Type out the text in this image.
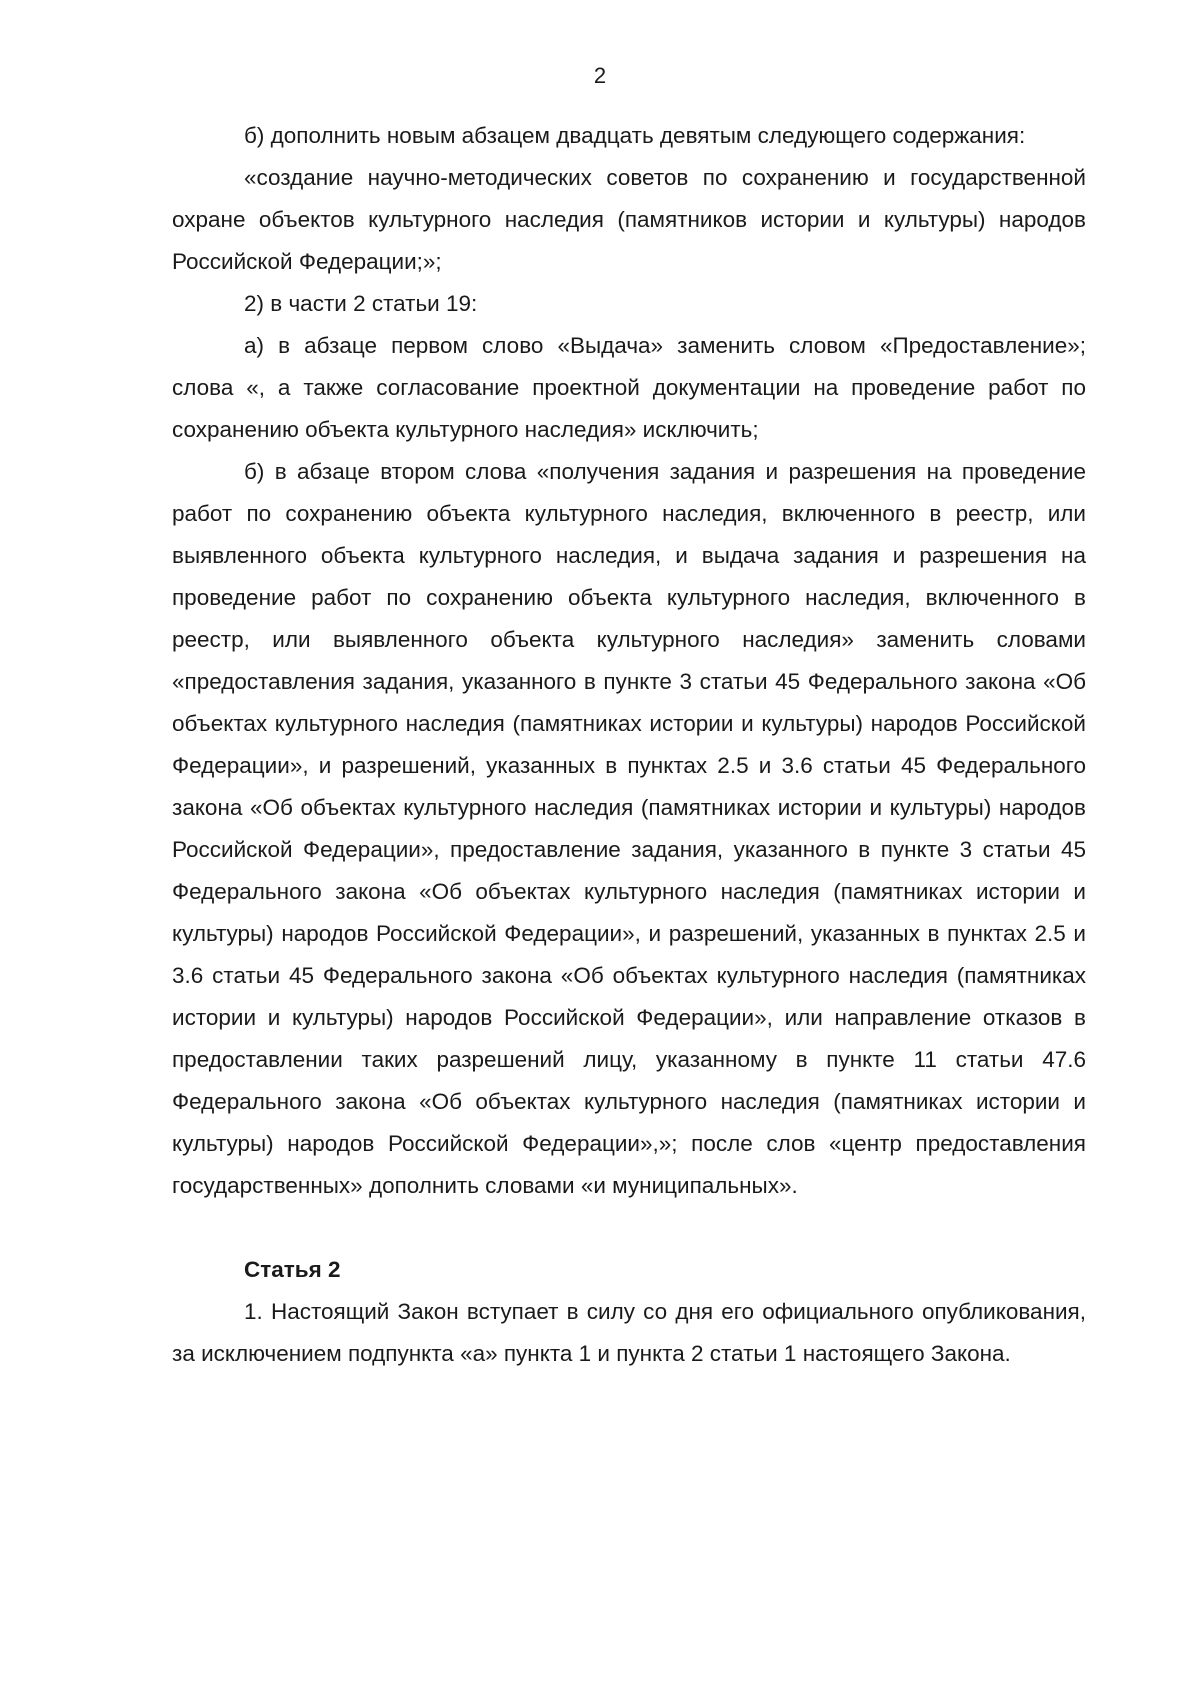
2

б) дополнить новым абзацем двадцать девятым следующего содержания:

«создание научно-методических советов по сохранению и государственной охране объектов культурного наследия (памятников истории и культуры) народов Российской Федерации;»;

2) в части 2 статьи 19:

а) в абзаце первом слово «Выдача» заменить словом «Предоставление»; слова «, а также согласование проектной документации на проведение работ по сохранению объекта культурного наследия» исключить;

б) в абзаце втором слова «получения задания и разрешения на проведение работ по сохранению объекта культурного наследия, включенного в реестр, или выявленного объекта культурного наследия, и выдача задания и разрешения на проведение работ по сохранению объекта культурного наследия, включенного в реестр, или выявленного объекта культурного наследия» заменить словами «предоставления задания, указанного в пункте 3 статьи 45 Федерального закона «Об объектах культурного наследия (памятниках истории и культуры) народов Российской Федерации», и разрешений, указанных в пунктах 2.5 и 3.6 статьи 45 Федерального закона «Об объектах культурного наследия (памятниках истории и культуры) народов Российской Федерации», предоставление задания, указанного в пункте 3 статьи 45 Федерального закона «Об объектах культурного наследия (памятниках истории и культуры) народов Российской Федерации», и разрешений, указанных в пунктах 2.5 и 3.6 статьи 45 Федерального закона «Об объектах культурного наследия (памятниках истории и культуры) народов Российской Федерации», или направление отказов в предоставлении таких разрешений лицу, указанному в пункте 11 статьи 47.6 Федерального закона «Об объектах культурного наследия (памятниках истории и культуры) народов Российской Федерации»,»; после слов «центр предоставления государственных» дополнить словами «и муниципальных».

Статья 2

1. Настоящий Закон вступает в силу со дня его официального опубликования, за исключением подпункта «а» пункта 1 и пункта 2 статьи 1 настоящего Закона.
